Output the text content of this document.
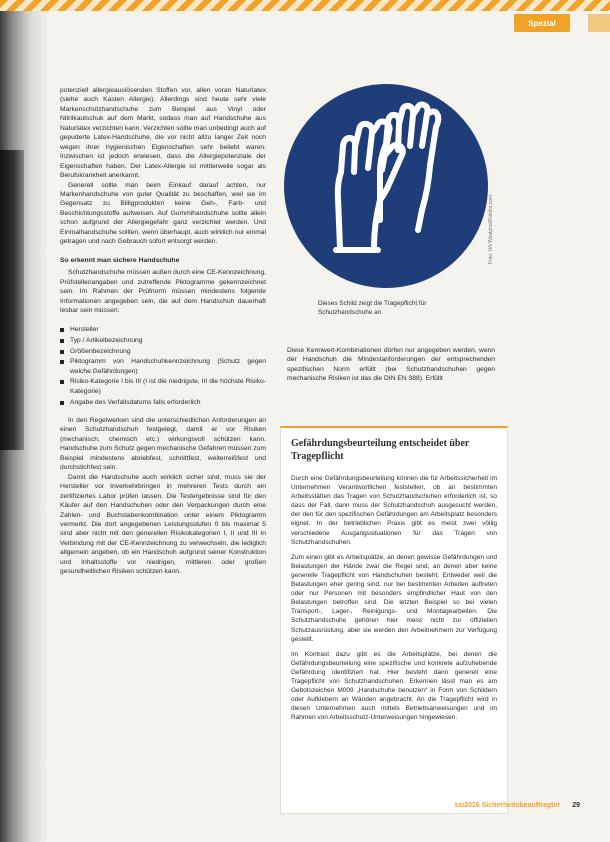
Spezial

potenziell allergieauslösenden Stoffen vor, allen voran Naturlatex (siehe auch Kasten Allergie). Allerdings sind heute sehr viele Markenschutzhandschuhe zum Beispiel aus Vinyl oder Nitrilkautschuk auf dem Markt, sodass man auf Handschuhe aus Naturlatex verzichten kann. Verzichten sollte man unbedingt auch auf gepuderte Latex-Handschuhe, die vor nicht allzu langer Zeit noch wegen ihrer hygienischen Eigenschaften sehr beliebt waren. Inzwischen ist jedoch erwiesen, dass die Allergiepotenziale der Eigenschaften haben. Der Latex-Allergie ist mittlerweile sogar als Berufskrankheit anerkannt.

Generell sollte man beim Einkauf darauf achten, nur Markenhandschuhe von guter Qualität zu beschaffen, weil sie im Gegensatz zu Billigprodukten keine Geh-, Farb- und Beschichtungsstoffe aufweisen. Auf Gummihandschuhe sollte allein schon aufgrund der Allergiegefahr ganz verzichtet werden. Und Einmalhandschuhe sollten, wenn überhaupt, auch wirklich nur einmal getragen und nach Gebrauch sofort entsorgt werden.

So erkennt man sichere Handschuhe

Schutzhandschuhe müssen außen durch eine CE-Kennzeichnung, Prüfstellenangaben und zutreffende Piktogramme gekennzeichnet sein. Im Rahmen der Prüfnorm müssen mindestens folgende Informationen angegeben sein, die auf dem Handschuh dauerhaft lesbar sein müssen:

Hersteller
Typ / Artikelbezeichnung
Größenbezeichnung
Piktogramm von Handschuhkennzeichnung (Schutz gegen welche Gefährdungen)
Risiko-Kategorie I bis III (I ist die niedrigste, III die höchste Risiko-Kategorie)
Angabe des Verfallsdatums falls erforderlich

In den Regelwerken sind die unterschiedlichen Anforderungen an einen Schutzhandschuh festgelegt, damit er vor Risiken (mechanisch, chemisch etc.) wirkungsvoll schützen kann. Handschuhe zum Schutz gegen mechanische Gefahren müssen zum Beispiel mindestens abriebfest, schnittfest, weiterreißfest und durchstichfest sein.

Damit die Handschuhe auch wirklich sicher sind, muss sie der Hersteller vor Inverkehrbringen in mehreren Tests durch ein zertifiziertes Labor prüfen lassen. Die Testergebnisse sind für den Käufer auf den Handschuhen oder den Verpackungen durch eine Zahlen- und Buchstabenkombination unter einem Piktogramm vermerkt. Die dort angegebenen Leistungsstufen 0 bis maximal 5 sind aber nicht mit den generellen Risikokategorien I, II und III in Verbindung mit der CE-Kennzeichnung zu verwechseln, die lediglich allgemein angeben, ob ein Handschuh aufgrund seiner Konstruktion und Inhaltsstoffe vor niedrigen, mittleren oder großen gesundheitlichen Risiken schützen kann.

Foto: Ulli Westphal/Fotolia.com
Dieses Schild zeigt die Tragepflicht für Schutzhandschuhe an
Diese Kennwert-Kombinationen dürfen nur angegeben werden, wenn der Handschuh die Mindestanforderungen der entsprechenden spezifischen Norm erfüllt (bei Schutzhandschuhen gegen mechanische Risiken ist das die DIN EN 388). Erfüllt
Gefährdungsbeurteilung entscheidet über Tragepflicht

Durch eine Gefährdungsbeurteilung können die für Arbeitssicherheit im Unternehmen Verantwortlichen feststellen, ob an bestimmten Arbeitsstätten das Tragen von Schutzhandschuhen erforderlich ist, so dass der Fall, dann muss der Schutzhandschuh ausgesucht werden, der den für den spezifischen Gefährdungen am Arbeitsplatz besonders eignet. In der betrieblichen Praxis gibt es meist zwei völlig verschiedene Ausgangssituationen für das Tragen von Schutzhandschuhen.

Zum einen gibt es Arbeitsplätze, an denen gewisse Gefährdungen und Belastungen der Hände zwar die Regel sind, an denen aber keine generelle Tragepflicht von Handschuhen besteht. Entweder weil die Belastungen eher gering sind, nur bei bestimmten Arbeiten auftreten oder nur Personen mit besonders empfindlicher Haut von den Belastungen betroffen sind. Die letzten Beispiel so bei vielen Transport-, Lager-, Reinigungs- und Montagearbeiten. Die Schutzhandschuhe gehören hier meist nicht zur offiziellen Schutzausrüstung, aber sie werden den Arbeitnehmern zur Verfügung gestellt.

Im Kontrast dazu gibt es die Arbeitsplätze, bei denen die Gefährdungsbeurteilung eine spezifische und konkrete aufzuhebende Gefährdung identifiziert hat. Hier besteht dann generell eine Tragepflicht von Schutzhandschuhen. Erkennen lässt man es am Gebotszeichen M009 „Handschuhe benutzen“ in Form von Schildern oder Aufklebern an Wänden angebracht. An die Tragepflicht wird in diesen Unternehmen auch mittels Betriebsanweisungen und im Rahmen von Arbeitsschutz-Unterweisungen hingewiesen.

ssi2016 Sicherheitsbeauftragter 29
